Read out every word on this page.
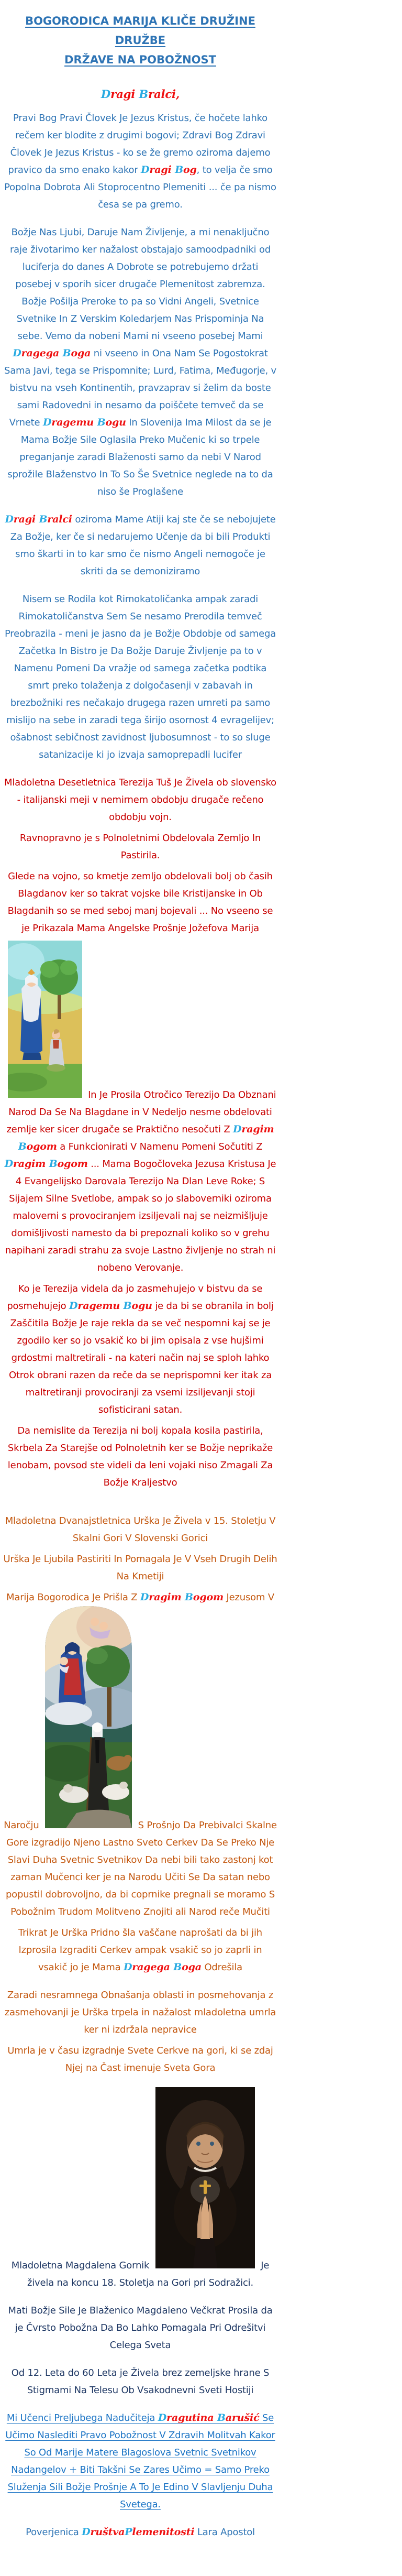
BOGORODICA MARIJA KLIČE DRUŽINE DRUŽBE
DRŽAVE NA POBOŽNOST

Dragi Bralci,

Pravi Bog Pravi Človek Je Jezus Kristus, če hočete lahko rečem ker blodite z drugimi bogovi; Zdravi Bog Zdravi Človek Je Jezus Kristus - ko se že gremo oziroma dajemo pravico da smo enako kakor Dragi Bog, to velja če smo Popolna Dobrota Ali Stoprocentno Plemeniti ... če pa nismo česa se pa gremo.

Božje Nas Ljubi, Daruje Nam Življenje, a mi nenaključno raje životarimo ker nažalost obstajajo samoodpadniki od luciferja do danes A Dobrote se potrebujemo držati posebej v sporih sicer drugače Plemenitost zabremza. Božje Pošilja Preroke to pa so Vidni Angeli, Svetnice Svetnike In Z Verskim Koledarjem Nas Prispominja Na sebe. Vemo da nobeni Mami ni vseeno posebej Mami Dragega Boga ni vseeno in Ona Nam Se Pogostokrat Sama Javi, tega se Prispomnite; Lurd, Fatima, Međugorje, v bistvu na vseh Kontinentih, pravzaprav si želim da boste sami Radovedni in nesamo da poiščete temveč da se Vrnete Dragemu Bogu In Slovenija Ima Milost da se je Mama Božje Sile Oglasila Preko Mučenic ki so trpele preganjanje zaradi Blaženosti samo da nebi V Narod sprožile Blaženstvo In To So Še Svetnice neglede na to da niso še Proglašene

Dragi Bralci oziroma Mame Atiji kaj ste če se nebojujete Za Božje, ker če si nedarujemo Učenje da bi bili Produkti smo škarti in to kar smo če nismo Angeli nemogoče je skriti da se demoniziramo

Nisem se Rodila kot Rimokatoličanka ampak zaradi Rimokatoličanstva Sem Se nesamo Prerodila temveč Preobrazila - meni je jasno da je Božje Obdobje od samega Začetka In Bistro je Da Božje Daruje Življenje pa to v Namenu Pomeni Da vražje od samega začetka podtika smrt preko tolaženja z dolgočasenji v zabavah in brezbožniki res nečakajo drugega razen umreti pa samo mislijo na sebe in zaradi tega širijo osornost 4 evragelijev; ošabnost sebičnost zavidnost ljubosumnost - to so sluge satanizacije ki jo izvaja samoprepadli lucifer

Mladoletna Desetletnica Terezija Tuš Je Živela ob slovensko - italijanski meji v nemirnem obdobju drugače rečeno obdobju vojn.

Ravnopravno je s Polnoletnimi Obdelovala Zemljo In Pastirila.

Glede na vojno, so kmetje zemljo obdelovali bolj ob časih Blagdanov ker so takrat vojske bile Kristijanske in Ob Blagdanih so se med seboj manj bojevali ... No vseeno se je Prikazala Mama Angelske Prošnje Jožefova Marija

In Je Prosila Otročico Terezijo Da Obznani Narod Da Se Na Blagdane in V Nedeljo nesme obdelovati zemlje ker sicer drugače se Praktično nesočuti Z Dragim Bogom a Funkcionirati V Namenu Pomeni Sočutiti Z Dragim Bogom ... Mama Bogočloveka Jezusa Kristusa Je 4 Evangelijsko Darovala Terezijo Na Dlan Leve Roke; S Sijajem Silne Svetlobe, ampak so jo slaboverniki oziroma maloverni s provociranjem izsiljevali naj se neizmišljuje domišljivosti namesto da bi prepoznali koliko so v grehu napihani zaradi strahu za svoje Lastno življenje no strah ni nobeno Verovanje.

Ko je Terezija videla da jo zasmehujejo v bistvu da se posmehujejo Dragemu Bogu je da bi se obranila in bolj Zaščitila Božje Je raje rekla da se več nespomni kaj se je zgodilo ker so jo vsakič ko bi jim opisala z vse hujšimi grdostmi maltretirali - na kateri način naj se sploh lahko Otrok obrani razen da reče da se neprispomni ker itak za maltretiranji provociranji za vsemi izsiljevanji stoji sofisticirani satan.

Da nemislite da Terezija ni bolj kopala kosila pastirila, Skrbela Za Starejše od Polnoletnih ker se Božje neprikaže lenobam, povsod ste videli da leni vojaki niso Zmagali Za Božje Kraljestvo

Mladoletna Dvanajstletnica Urška Je Živela v 15. Stoletju V Skalni Gori V Slovenski Gorici

Urška Je Ljubila Pastiriti In Pomagala Je V Vseh Drugih Delih Na Kmetiji

Marija Bogorodica Je Prišla Z Dragim Bogom Jezusom V Naročju	S Prošnjo Da Prebivalci Skalne Gore izgradijo Njeno Lastno Sveto Cerkev Da Se Preko Nje Slavi Duha Svetnic Svetnikov Da nebi bili tako zastonj kot zaman Mučenci ker je na Narodu Učiti Se Da satan nebo popustil dobrovoljno, da bi coprnike pregnali se moramo S Pobožnim Trudom Molitveno Znojiti ali Narod reče Mučiti

Trikrat Je Urška Pridno šla vaščane naprošati da bi jih Izprosila Izgraditi Cerkev ampak vsakič so jo zaprli in vsakič jo je Mama Dragega Boga Odrešila

Zaradi nesramnega Obnašanja oblasti in posmehovanja z zasmehovanji je Urška trpela in nažalost mladoletna umrla ker ni izdržala nepravice

Umrla je v času izgradnje Svete Cerkve na gori, ki se zdaj Njej na Čast imenuje Sveta Gora

Mladoletna Magdalena Gornik	Je živela na koncu 18. Stoletja na Gori pri Sodražici.

Mati Božje Sile Je Blaženico Magdaleno Večkrat Prosila da je Čvrsto Pobožna Da Bo Lahko Pomagala Pri Odrešitvi Celega Sveta

Od 12. Leta do 60 Leta je Živela brez zemeljske hrane S Stigmami Na Telesu Ob Vsakodnevni Sveti Hostiji

Mi Učenci Preljubega Nadučiteja Dragutina Barušić Se Učimo Naslediti Pravo Pobožnost V Zdravih Molitvah Kakor So Od Marije Matere Blagoslova Svetnic Svetnikov Nadangelov + Biti Takšni Se Zares Učimo = Samo Preko Služenja Sili Božje Prošnje A To Je Edino V Slavljenju Duha Svetega.

Poverjenica DruštvaPlemenitosti Lara Apostol
